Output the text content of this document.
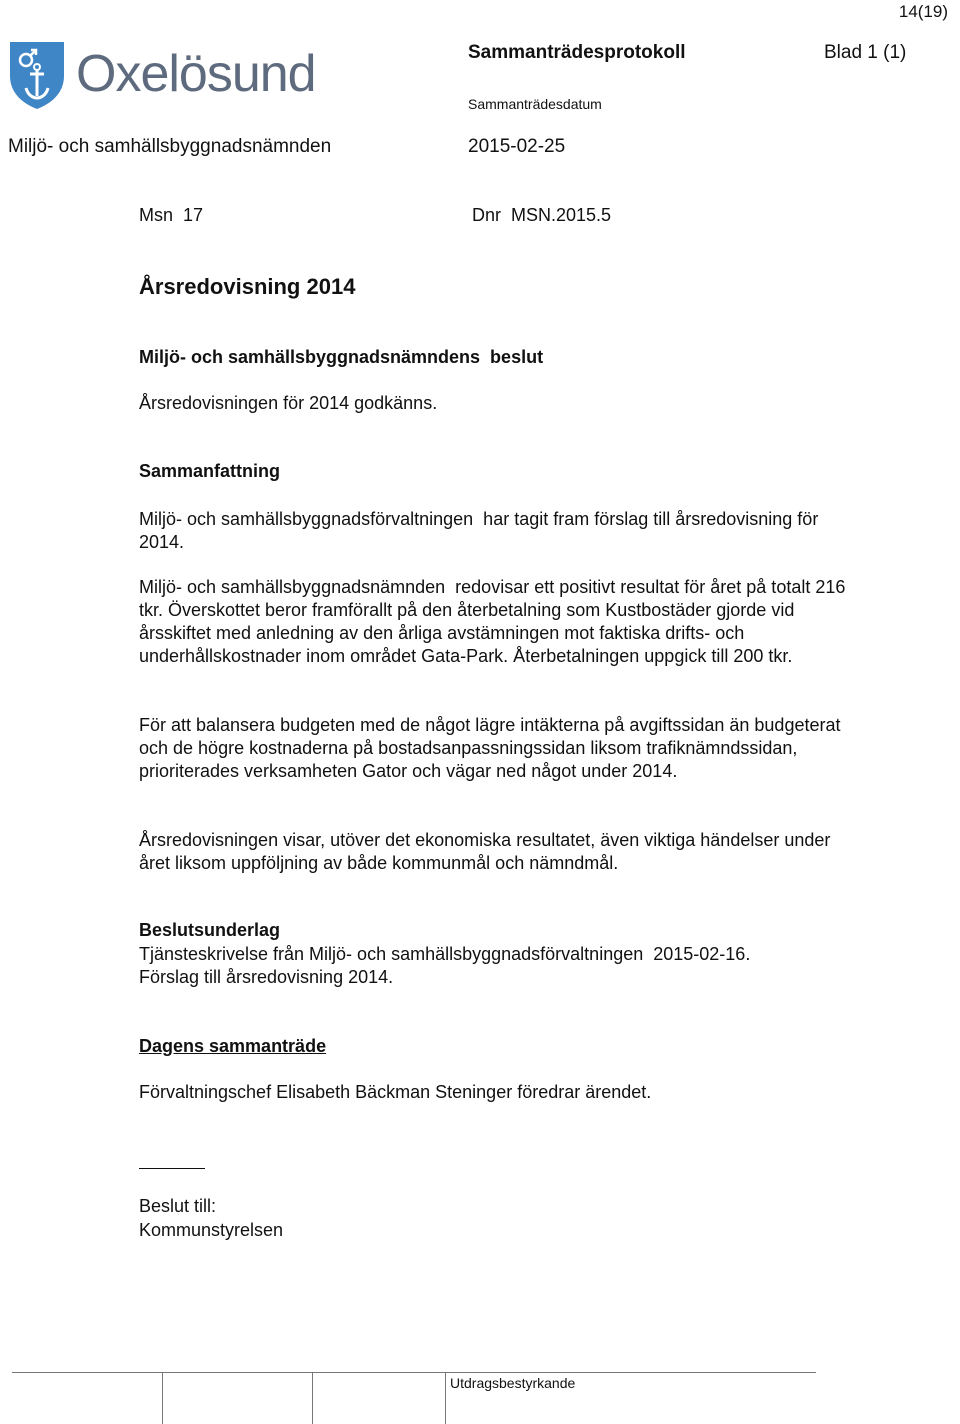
14(19)
Oxelösund	Sammanträdesprotokoll	Blad 1 (1)
Sammanträdesdatum
Miljö- och samhällsbyggnadsnämnden	2015-02-25
Msn  17	Dnr  MSN.2015.5
Årsredovisning 2014
Miljö- och samhällsbyggnadsnämndens  beslut
Årsredovisningen för 2014 godkänns.
Sammanfattning
Miljö- och samhällsbyggnadsförvaltningen  har tagit fram förslag till årsredovisning för 2014.
Miljö- och samhällsbyggnadsnämnden  redovisar ett positivt resultat för året på totalt 216 tkr. Överskottet beror framförallt på den återbetalning som Kustbostäder gjorde vid årsskiftet med anledning av den årliga avstämningen mot faktiska drifts- och underhållskostnader inom området Gata-Park. Återbetalningen uppgick till 200 tkr.
För att balansera budgeten med de något lägre intäkterna på avgiftssidan än budgeterat och de högre kostnaderna på bostadsanpassningssidan liksom trafiknämndssidan, prioriterades verksamheten Gator och vägar ned något under 2014.
Årsredovisningen visar, utöver det ekonomiska resultatet, även viktiga händelser under året liksom uppföljning av både kommunmål och nämndmål.
Beslutsunderlag
Tjänsteskrivelse från Miljö- och samhällsbyggnadsförvaltningen  2015-02-16.
Förslag till årsredovisning 2014.
Dagens sammanträde
Förvaltningschef Elisabeth Bäckman Steninger föredrar ärendet.
Beslut till:
Kommunstyrelsen
Utdragsbestyrkande
